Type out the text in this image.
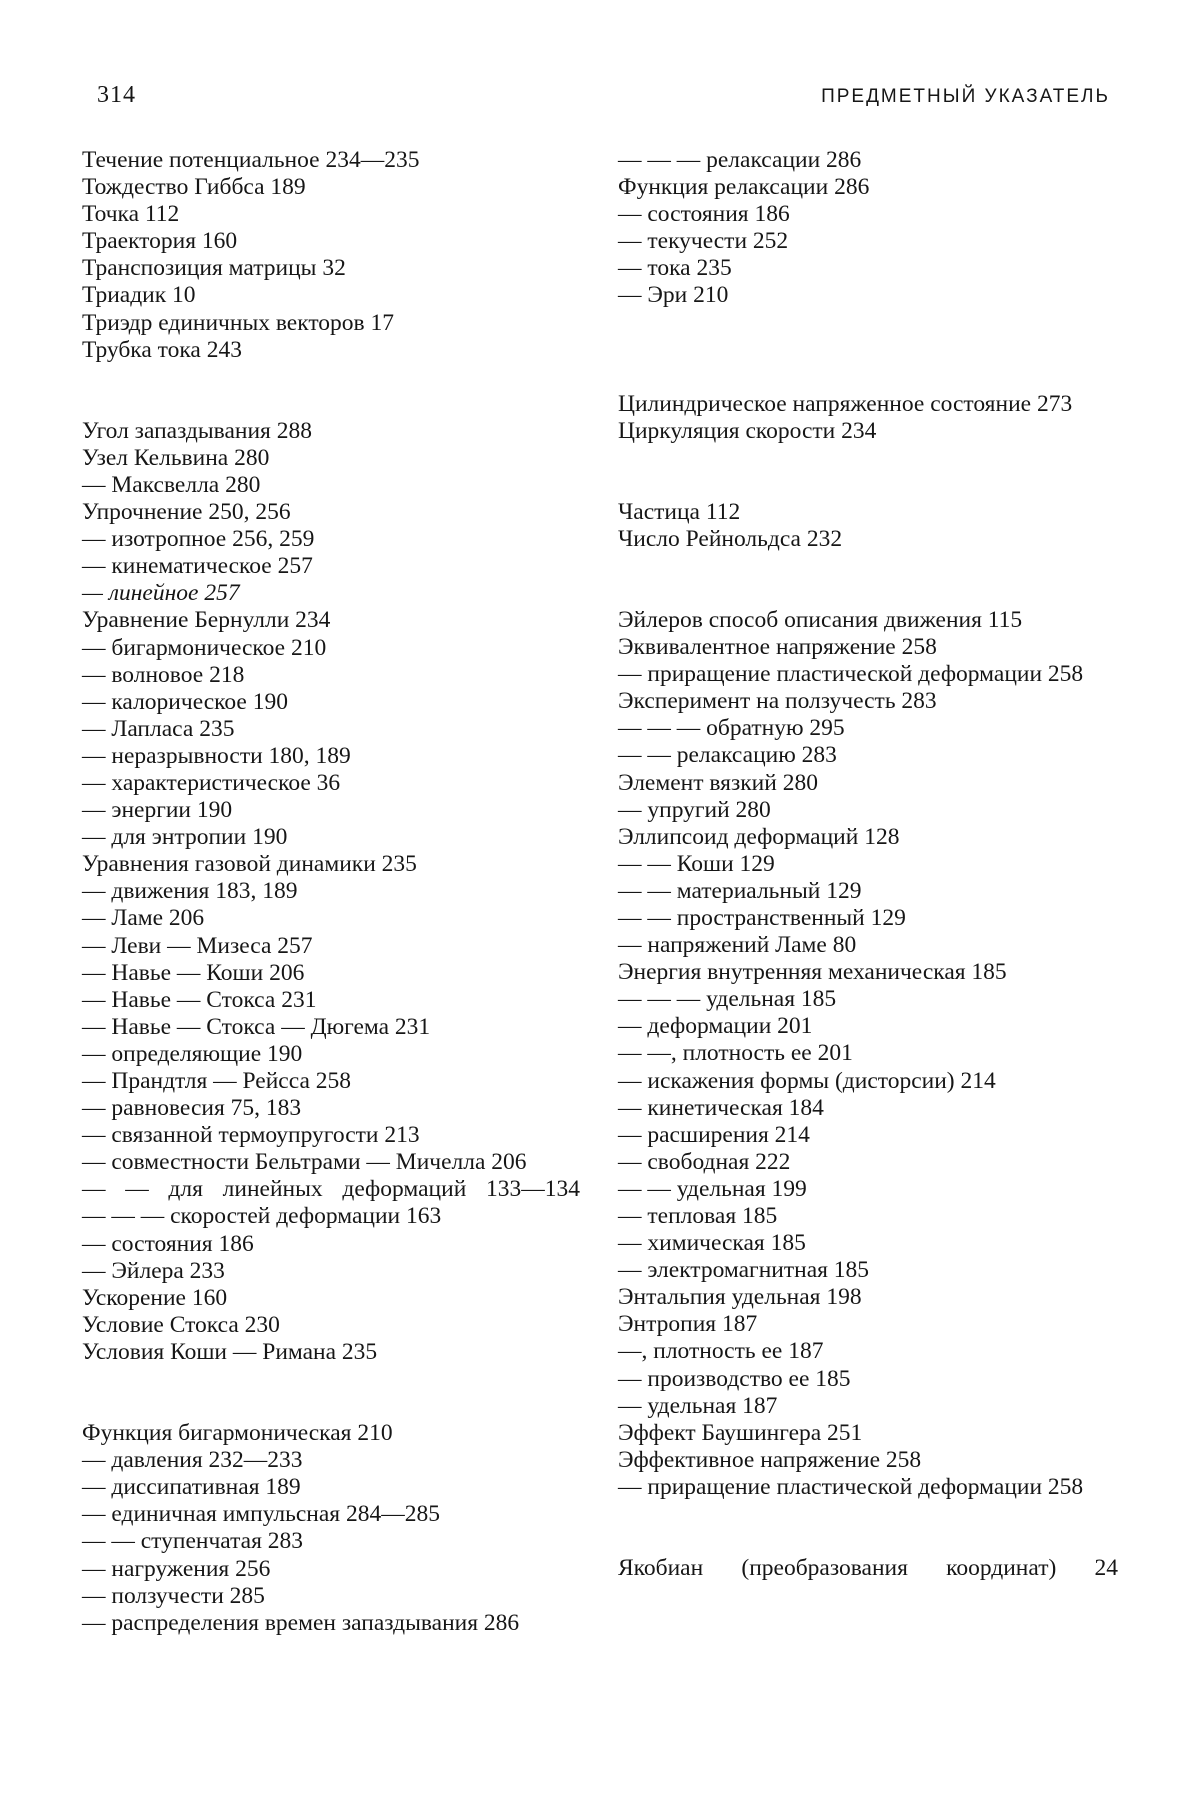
314	ПРЕДМЕТНЫЙ УКАЗАТЕЛЬ

Течение потенциальное 234—235

Тождество Гиббса 189

Точка 112

Траектория 160

Транспозиция матрицы 32

Триадик 10

Триэдр единичных векторов 17

Трубка тока 243

Угол запаздывания 288

Узел Кельвина 280

— Максвелла 280

Упрочнение 250, 256

— изотропное 256, 259

— кинематическое 257

— линейное 257

Уравнение Бернулли 234

— бигармоническое 210

— волновое 218

— калорическое 190

— Лапласа 235

— неразрывности 180, 189

— характеристическое 36

— энергии 190

— для энтропии 190

Уравнения газовой динамики 235

— движения 183, 189

— Ламе 206

— Леви — Мизеса 257

— Навье — Коши 206

— Навье — Стокса 231

— Навье — Стокса — Дюгема 231

— определяющие 190

— Прандтля — Рейсса 258

— равновесия 75, 183

— связанной термоупругости 213

— совместности Бельтрами — Мичелла 206

— — для линейных деформаций 133—134

— — — скоростей деформации 163

— состояния 186

— Эйлера 233

Ускорение 160

Условие Стокса 230

Условия Коши — Римана 235

Функция бигармоническая 210

— давления 232—233

— диссипативная 189

— единичная импульсная 284—285

— — ступенчатая 283

— нагружения 256

— ползучести 285

— распределения времен запаздывания 286

— — — релаксации 286

Функция релаксации 286

— состояния 186

— текучести 252

— тока 235

— Эри 210

Цилиндрическое напряженное состояние 273

Циркуляция скорости 234

Частица 112

Число Рейнольдса 232

Эйлеров способ описания движения 115

Эквивалентное напряжение 258

— приращение пластической деформации 258

Эксперимент на ползучесть 283

— — — обратную 295

— — релаксацию 283

Элемент вязкий 280

— упругий 280

Эллипсоид деформаций 128

— — Коши 129

— — материальный 129

— — пространственный 129

— напряжений Ламе 80

Энергия внутренняя механическая 185

— — — удельная 185

— деформации 201

— —, плотность ее 201

— искажения формы (дисторсии) 214

— кинетическая 184

— расширения 214

— свободная 222

— — удельная 199

— тепловая 185

— химическая 185

— электромагнитная 185

Энтальпия удельная 198

Энтропия 187

—, плотность ее 187

— производство ее 185

— удельная 187

Эффект Баушингера 251

Эффективное напряжение 258

— приращение пластической деформации 258

Якобиан (преобразования координат) 24
